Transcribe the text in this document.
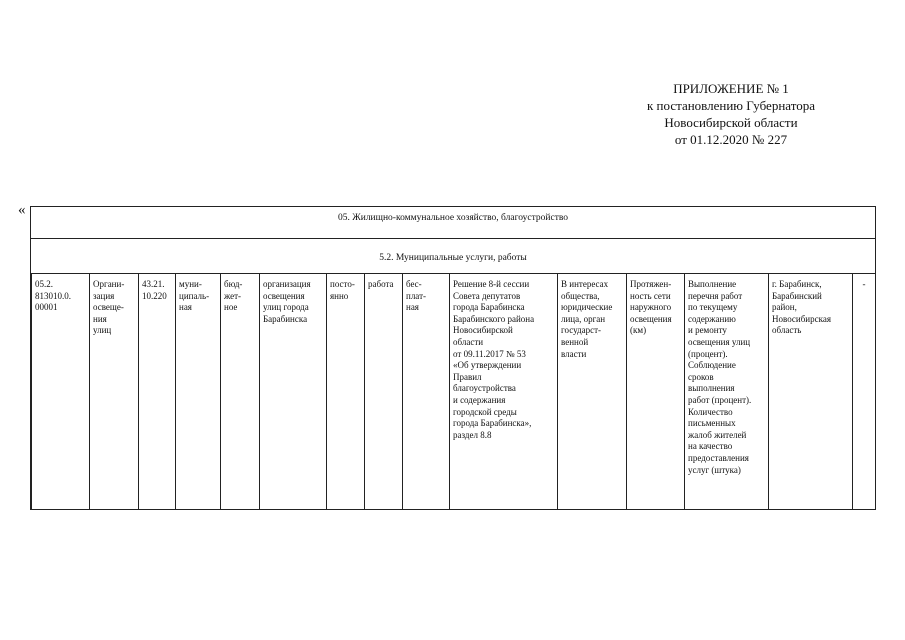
ПРИЛОЖЕНИЕ № 1
к постановлению Губернатора
Новосибирской области
от 01.12.2020 № 227
«	05. Жилищно-коммунальное хозяйство, благоустройство
5.2. Муниципальные услуги, работы
05.2.
813010.0.
00001
Органи-
зация
освеще-
ния
улиц
43.21.
10.220
муни-
ципаль-
ная
бюд-
жет-
ное
организация
освещения
улиц города
Барабинска
посто-
янно
работа	бес-
плат-
ная
Решение 8-й сессии
Совета депутатов
города Барабинска
Барабинского района
Новосибирской
области
от 09.11.2017 № 53
«Об утверждении
Правил
благоустройства
и содержания
городской среды
города Барабинска»,
раздел 8.8
В интересах
общества,
юридические
лица, орган
государст-
венной
власти
Протяжен-
ность сети
наружного
освещения
(км)
Выполнение
перечня работ
по текущему
содержанию
и ремонту
освещения улиц
(процент).
Соблюдение
сроков
выполнения
работ (процент).
Количество
письменных
жалоб жителей
на качество
предоставления
услуг (штука)
г. Барабинск,
Барабинский
район,
Новосибирская
область
-
